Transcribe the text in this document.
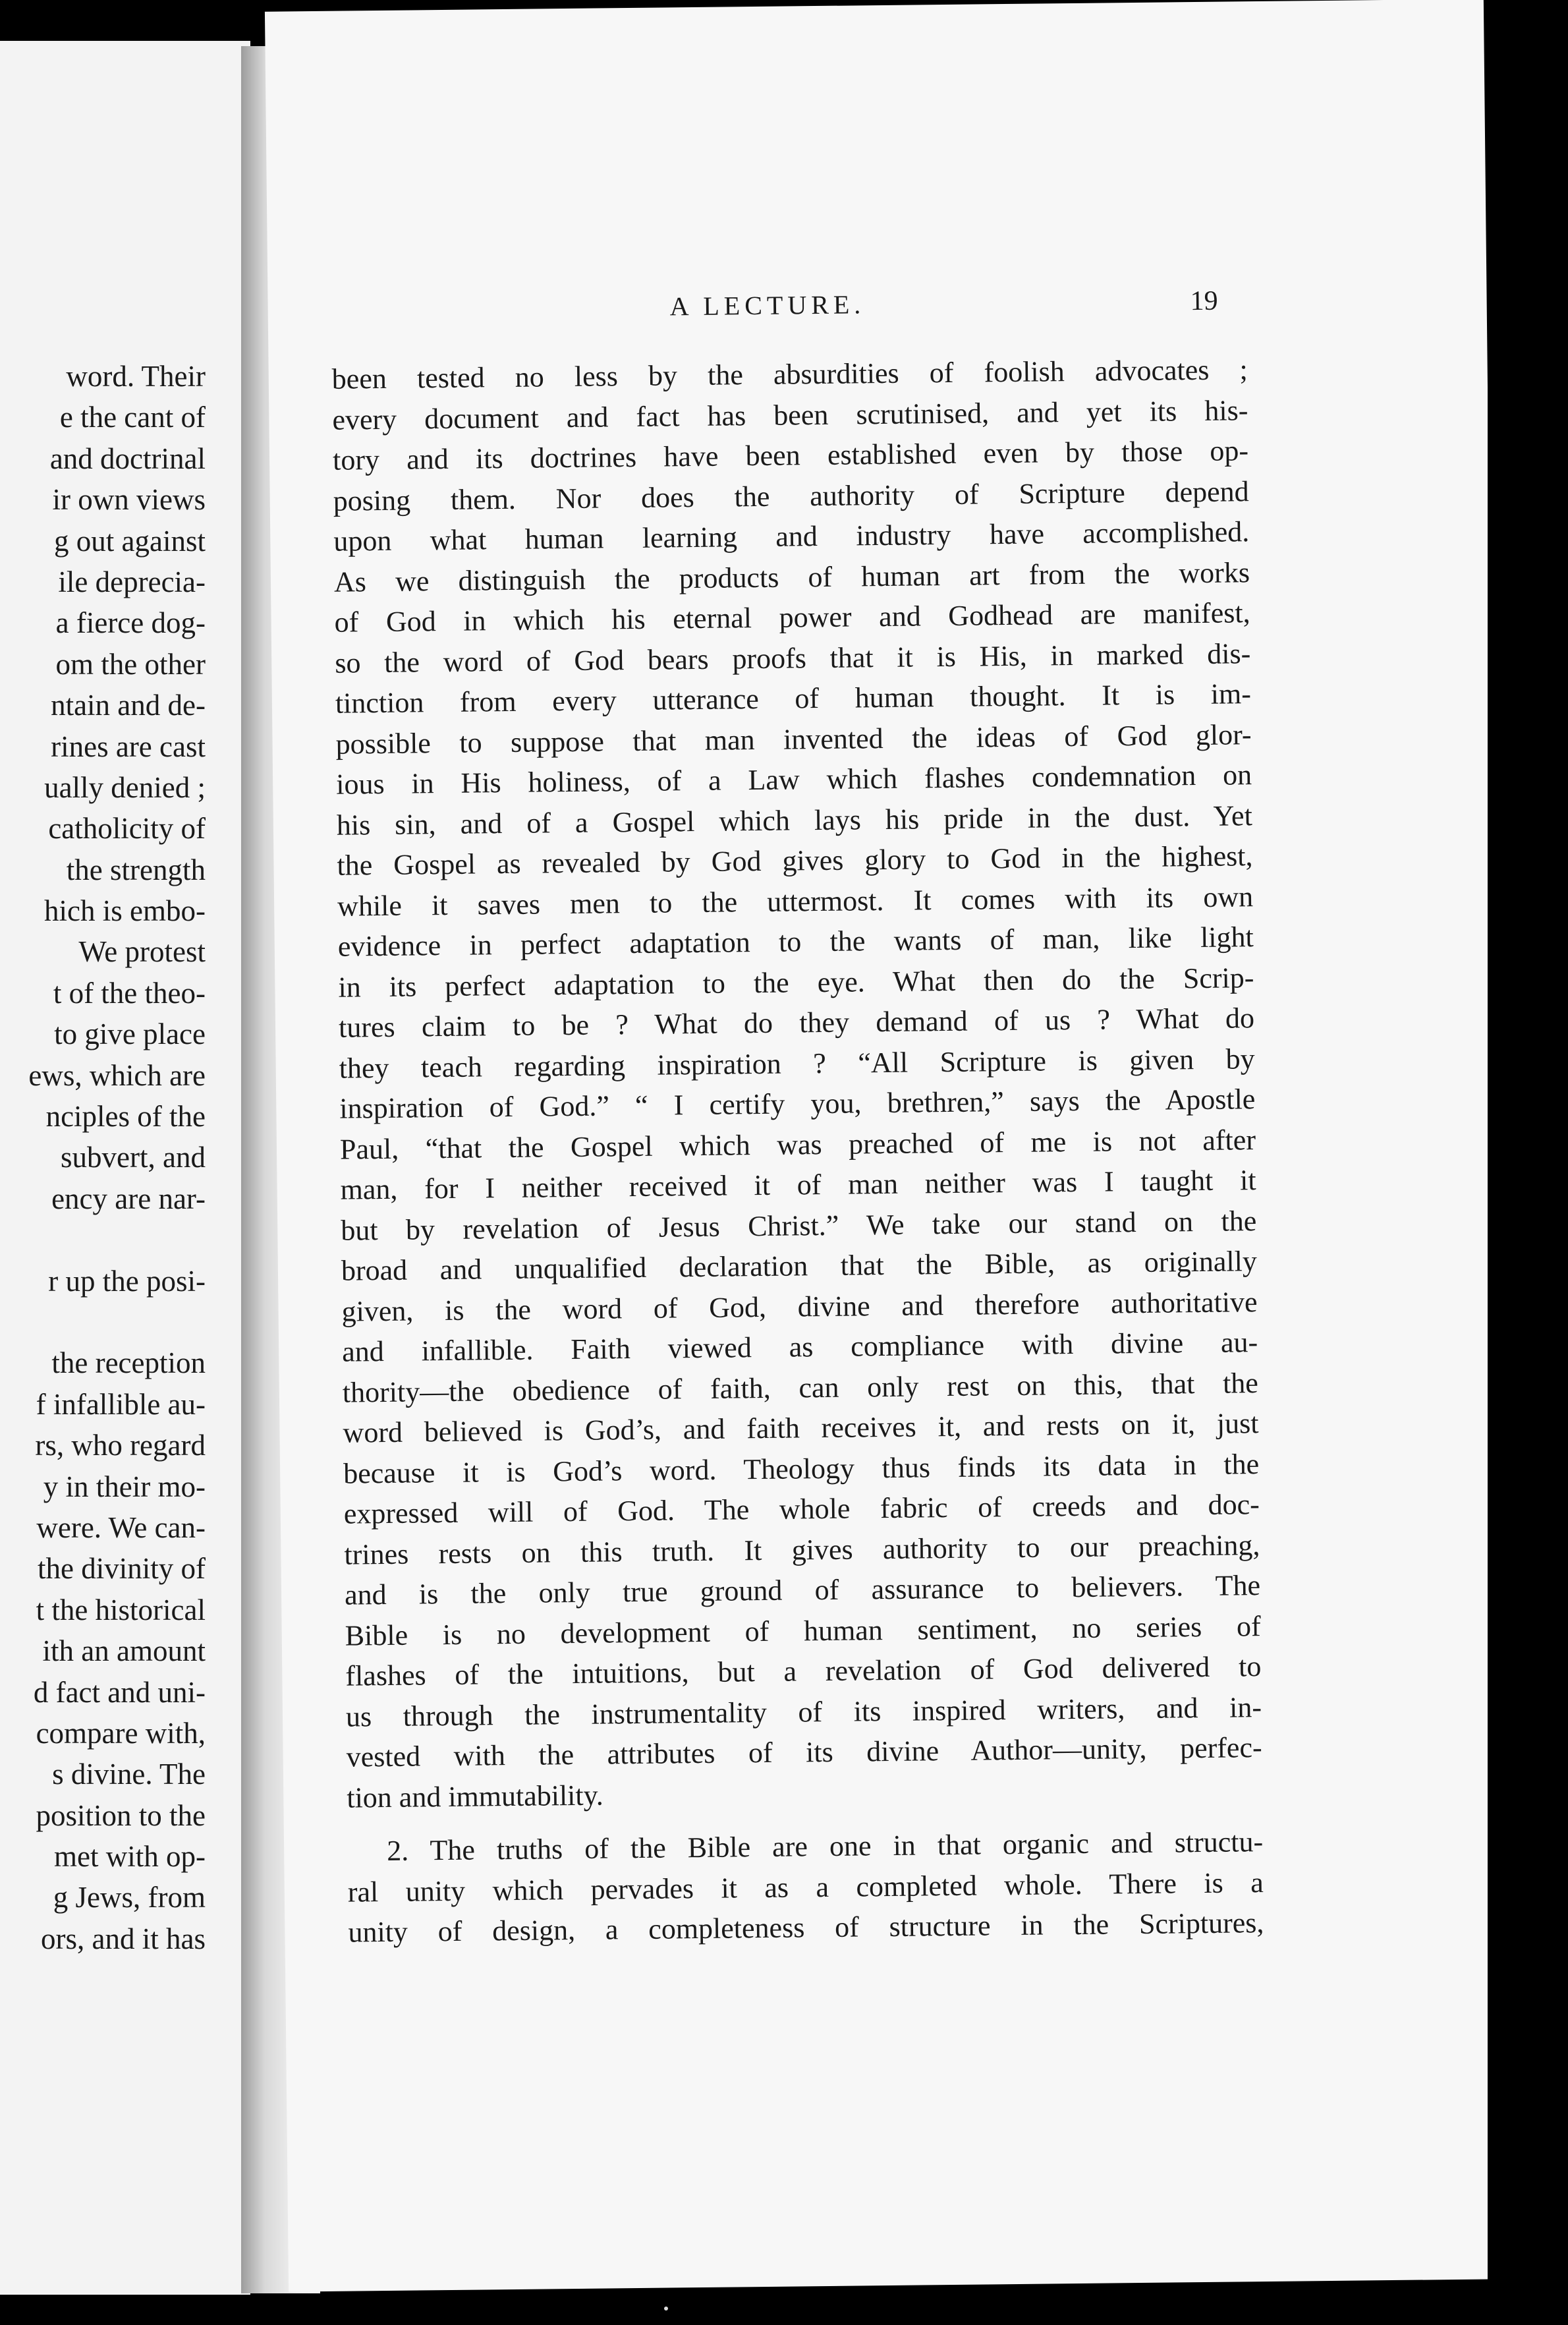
word. Their
e the cant of
and doctrinal
ir own views
g out against
ile deprecia-
a fierce dog-
om the other
ntain and de-
rines are cast
ually denied ;
catholicity of
the strength
hich is embo-
We protest
t of the theo-
to give place
ews, which are
nciples of the
subvert, and
ency are nar-
r up the posi-
the reception
f infallible au-
rs, who regard
y in their mo-
were. We can-
the divinity of
t the historical
ith an amount
d fact and uni-
compare with,
s divine. The
position to the
met with op-
g Jews, from
ors, and it has
A LECTURE.	19
been tested no less by the absurdities of foolish advocates ;
every document and fact has been scrutinised, and yet its his-
tory and its doctrines have been established even by those op-
posing them. Nor does the authority of Scripture depend
upon what human learning and industry have accomplished.
As we distinguish the products of human art from the works
of God in which his eternal power and Godhead are manifest,
so the word of God bears proofs that it is His, in marked dis-
tinction from every utterance of human thought. It is im-
possible to suppose that man invented the ideas of God glor-
ious in His holiness, of a Law which flashes condemnation on
his sin, and of a Gospel which lays his pride in the dust. Yet
the Gospel as revealed by God gives glory to God in the highest,
while it saves men to the uttermost. It comes with its own
evidence in perfect adaptation to the wants of man, like light
in its perfect adaptation to the eye. What then do the Scrip-
tures claim to be ? What do they demand of us ? What do
they teach regarding inspiration ? “All Scripture is given by
inspiration of God.” “ I certify you, brethren,” says the Apostle
Paul, “that the Gospel which was preached of me is not after
man, for I neither received it of man neither was I taught it
but by revelation of Jesus Christ.” We take our stand on the
broad and unqualified declaration that the Bible, as originally
given, is the word of God, divine and therefore authoritative
and infallible. Faith viewed as compliance with divine au-
thority—the obedience of faith, can only rest on this, that the
word believed is God’s, and faith receives it, and rests on it, just
because it is God’s word. Theology thus finds its data in the
expressed will of God. The whole fabric of creeds and doc-
trines rests on this truth. It gives authority to our preaching,
and is the only true ground of assurance to believers. The
Bible is no development of human sentiment, no series of
flashes of the intuitions, but a revelation of God delivered to
us through the instrumentality of its inspired writers, and in-
vested with the attributes of its divine Author—unity, perfec-
tion and immutability.
2. The truths of the Bible are one in that organic and structu-
ral unity which pervades it as a completed whole. There is a
unity of design, a completeness of structure in the Scriptures,
